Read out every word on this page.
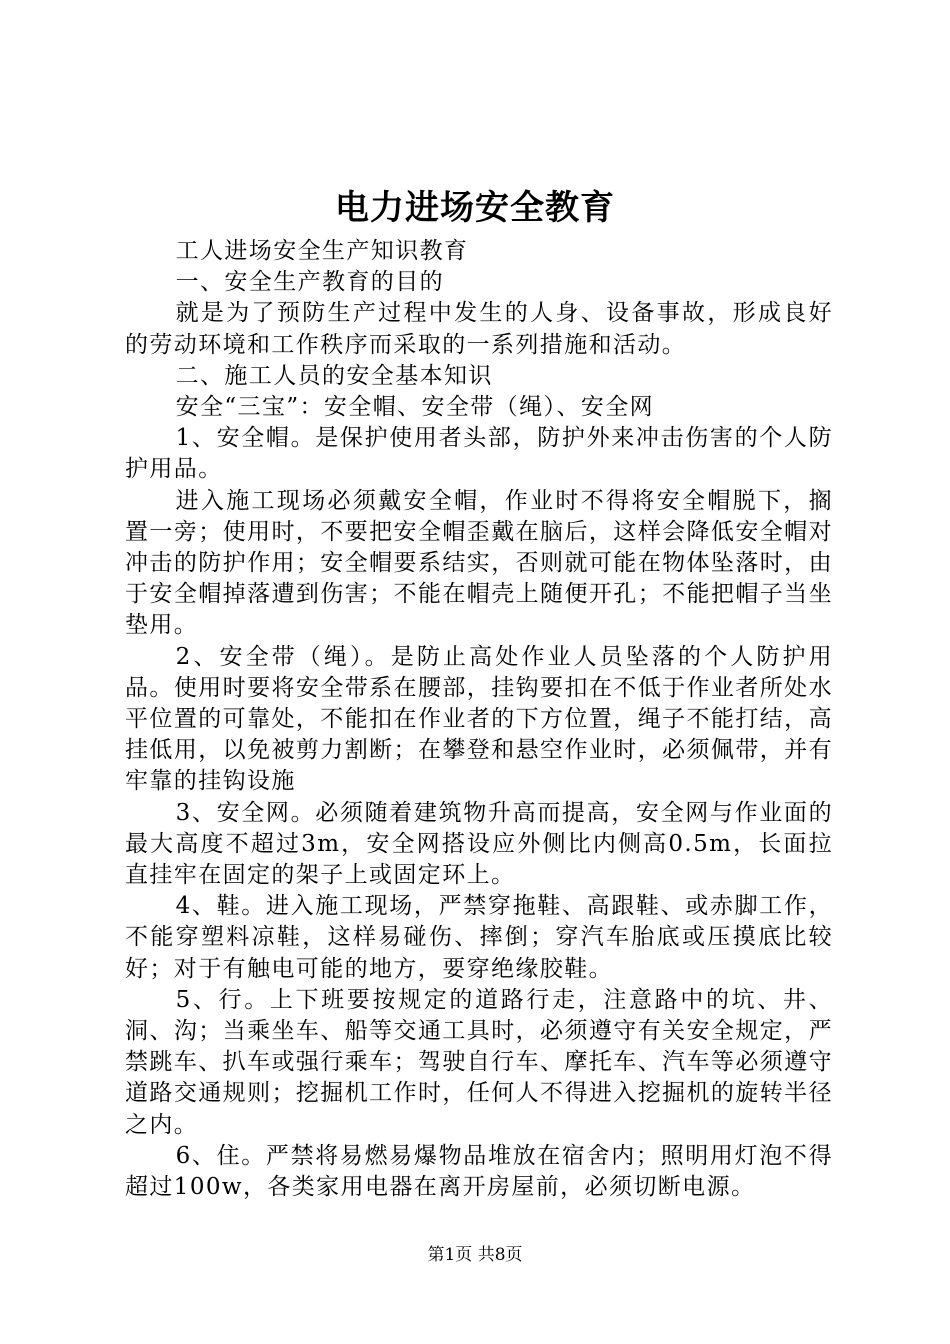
电力进场安全教育

工人进场安全生产知识教育

一、安全生产教育的目的

就是为了预防生产过程中发生的人身、设备事故，形成良好的劳动环境和工作秩序而采取的一系列措施和活动。

二、施工人员的安全基本知识

安全“三宝”：安全帽、安全带（绳）、安全网

1、安全帽。是保护使用者头部，防护外来冲击伤害的个人防护用品。

进入施工现场必须戴安全帽，作业时不得将安全帽脱下，搁置一旁；使用时，不要把安全帽歪戴在脑后，这样会降低安全帽对冲击的防护作用；安全帽要系结实，否则就可能在物体坠落时，由于安全帽掉落遭到伤害；不能在帽壳上随便开孔；不能把帽子当坐垫用。

2、安全带（绳）。是防止高处作业人员坠落的个人防护用品。使用时要将安全带系在腰部，挂钩要扣在不低于作业者所处水平位置的可靠处，不能扣在作业者的下方位置，绳子不能打结，高挂低用，以免被剪力割断；在攀登和悬空作业时，必须佩带，并有牢靠的挂钩设施

3、安全网。必须随着建筑物升高而提高，安全网与作业面的最大高度不超过3m，安全网搭设应外侧比内侧高0.5m，长面拉直挂牢在固定的架子上或固定环上。

4、鞋。进入施工现场，严禁穿拖鞋、高跟鞋、或赤脚工作，不能穿塑料凉鞋，这样易碰伤、摔倒；穿汽车胎底或压摸底比较好；对于有触电可能的地方，要穿绝缘胶鞋。

5、行。上下班要按规定的道路行走，注意路中的坑、井、洞、沟；当乘坐车、船等交通工具时，必须遵守有关安全规定，严禁跳车、扒车或强行乘车；驾驶自行车、摩托车、汽车等必须遵守道路交通规则；挖掘机工作时，任何人不得进入挖掘机的旋转半径之内。

6、住。严禁将易燃易爆物品堆放在宿舍内；照明用灯泡不得超过100w，各类家用电器在离开房屋前，必须切断电源。

第1页 共8页
